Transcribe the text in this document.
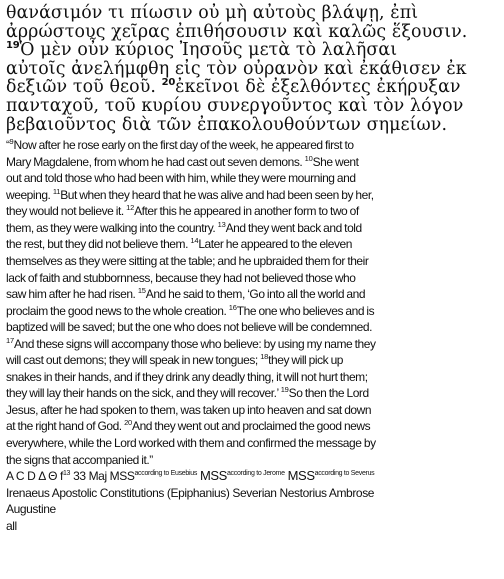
θανάσιμόν τι πίωσιν οὐ μὴ αὐτοὺς βλάψῃ, ἐπὶ
ἀρρώστους χεῖρας ἐπιθήσουσιν καὶ καλῶς ἕξουσιν.
$^{19}$Ὁ μὲν οὖν κύριος Ἰησοῦς μετὰ τὸ λαλῆσαι
αὐτοῖς ἀνελήμφθη εἰς τὸν οὐρανὸν καὶ ἐκάθισεν ἐκ
δεξιῶν τοῦ θεοῦ. $^{20}$ἐκεῖνοι δὲ ἐξελθόντες ἐκήρυξαν
πανταχοῦ, τοῦ κυρίου συνεργοῦντος καὶ τὸν λόγον
βεβαιοῦντος διὰ τῶν ἐπακολουθούντων σημείων.
“$^9$Now after he rose early on the first day of the week, he appeared first to
Mary Magdalene, from whom he had cast out seven demons. $^{10}$She went
out and told those who had been with him, while they were mourning and
weeping. $^{11}$But when they heard that he was alive and had been seen by her,
they would not believe it. $^{12}$After this he appeared in another form to two of
them, as they were walking into the country. $^{13}$And they went back and told
the rest, but they did not believe them. $^{14}$Later he appeared to the eleven
themselves as they were sitting at the table; and he upbraided them for their
lack of faith and stubbornness, because they had not believed those who
saw him after he had risen. $^{15}$And he said to them, ‘Go into all the world and
proclaim the good news to the whole creation. $^{16}$The one who believes and is
baptized will be saved; but the one who does not believe will be condemned.
$^{17}$And these signs will accompany those who believe: by using my name they
will cast out demons; they will speak in new tongues; $^{18}$they will pick up
snakes in their hands, and if they drink any deadly thing, it will not hurt them;
they will lay their hands on the sick, and they will recover.’ $^{19}$So then the Lord
Jesus, after he had spoken to them, was taken up into heaven and sat down
at the right hand of God. $^{20}$And they went out and proclaimed the good news
everywhere, while the Lord worked with them and confirmed the message by
the signs that accompanied it.”
A C D Δ Θ $f^{13}$ 33 Maj $MSS^{according to Eusebius}$ $MSS^{according to Jerome}$ $MSS^{according to Severus}$
Irenaeus Apostolic Constitutions (Epiphanius) Severian Nestorius Ambrose
Augustine
all
